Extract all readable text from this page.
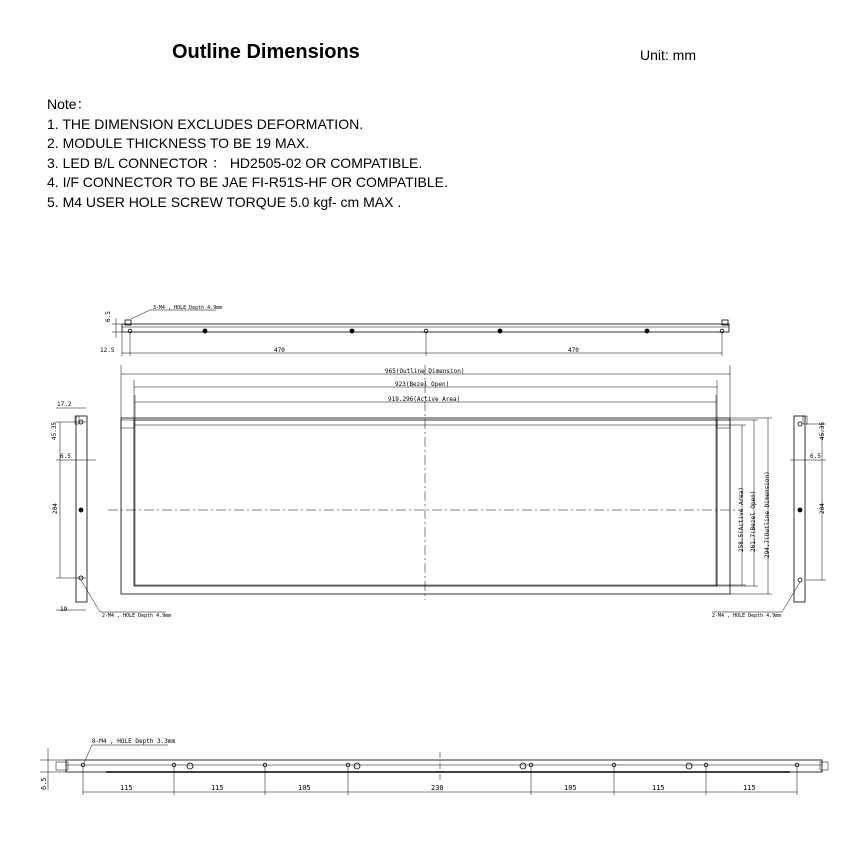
Outline Dimensions	Unit: mm
Note：
1. THE DIMENSION EXCLUDES DEFORMATION.
2. MODULE THICKNESS TO BE 19 MAX.
3. LED B/L CONNECTOR ： HD2505-02 OR COMPATIBLE.
4. I/F CONNECTOR TO BE JAE FI-R51S-HF OR COMPATIBLE.
5. M4 USER HOLE SCREW TORQUE 5.0 kgf- cm MAX .
3-M4 , HOLE Depth 4.9mm
6.5
12.5	470	470
965(Outline Dimension)
923(Bezel Open)
919.296(Active Area)
258.5(Active Area) 261.7(Bezel Open) 294.7(Outline Dimension)
17.2
45.35
6.5
204
19
2-M4 , HOLE Depth 4.9mm
45.35
6.5
204
2-M4 , HOLE Depth 4.9mm
6.5
8-M4 , HOLE Depth 3.3mm
115	115	105	230	105	115	115
